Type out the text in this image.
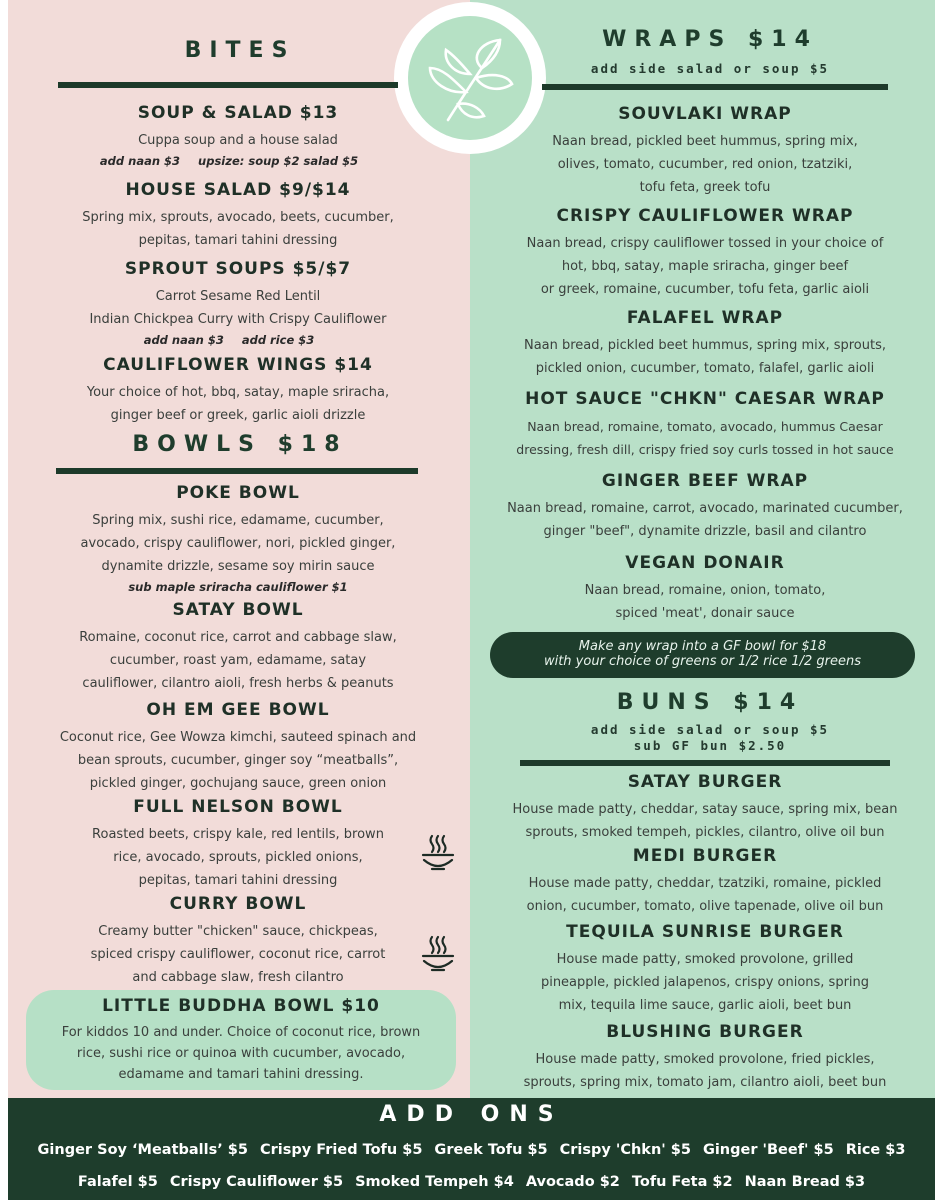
BITES
SOUP & SALAD $13

Cuppa soup and a house salad

add naan $3 upsize: soup $2 salad $5
HOUSE SALAD $9/$14

Spring mix, sprouts, avocado, beets, cucumber,
pepitas, tamari tahini dressing

SPROUT SOUPS $5/$7

Carrot Sesame Red Lentil
Indian Chickpea Curry with Crispy Cauliflower

add naan $3 add rice $3
CAULIFLOWER WINGS $14

Your choice of hot, bbq, satay, maple sriracha,
ginger beef or greek, garlic aioli drizzle

BOWLS $18
POKE BOWL

Spring mix, sushi rice, edamame, cucumber,
avocado, crispy cauliflower, nori, pickled ginger,
dynamite drizzle, sesame soy mirin sauce

sub maple sriracha cauliflower $1
SATAY BOWL

Romaine, coconut rice, carrot and cabbage slaw,
cucumber, roast yam, edamame, satay
cauliflower, cilantro aioli, fresh herbs & peanuts

OH EM GEE BOWL

Coconut rice, Gee Wowza kimchi, sauteed spinach and
bean sprouts, cucumber, ginger soy “meatballs”,
pickled ginger, gochujang sauce, green onion

FULL NELSON BOWL

Roasted beets, crispy kale, red lentils, brown
rice, avocado, sprouts, pickled onions,
pepitas, tamari tahini dressing

CURRY BOWL

Creamy butter "chicken" sauce, chickpeas,
spiced crispy cauliflower, coconut rice, carrot
and cabbage slaw, fresh cilantro

LITTLE BUDDHA BOWL $10

For kiddos 10 and under. Choice of coconut rice, brown
rice, sushi rice or quinoa with cucumber, avocado,
edamame and tamari tahini dressing.

WRAPS $14
add side salad or soup $5
SOUVLAKI WRAP

Naan bread, pickled beet hummus, spring mix,
olives, tomato, cucumber, red onion, tzatziki,
tofu feta, greek tofu

CRISPY CAULIFLOWER WRAP

Naan bread, crispy cauliflower tossed in your choice of
hot, bbq, satay, maple sriracha, ginger beef
or greek, romaine, cucumber, tofu feta, garlic aioli

FALAFEL WRAP

Naan bread, pickled beet hummus, spring mix, sprouts,
pickled onion, cucumber, tomato, falafel, garlic aioli

HOT SAUCE "CHKN" CAESAR WRAP

Naan bread, romaine, tomato, avocado, hummus Caesar
dressing, fresh dill, crispy fried soy curls tossed in hot sauce

GINGER BEEF WRAP

Naan bread, romaine, carrot, avocado, marinated cucumber,
ginger "beef", dynamite drizzle, basil and cilantro

VEGAN DONAIR

Naan bread, romaine, onion, tomato,
spiced 'meat', donair sauce

Make any wrap into a GF bowl for $18
with your choice of greens or 1/2 rice 1/2 greens
BUNS $14
add side salad or soup $5
sub GF bun $2.50
SATAY BURGER

House made patty, cheddar, satay sauce, spring mix, bean
sprouts, smoked tempeh, pickles, cilantro, olive oil bun

MEDI BURGER

House made patty, cheddar, tzatziki, romaine, pickled
onion, cucumber, tomato, olive tapenade, olive oil bun

TEQUILA SUNRISE BURGER

House made patty, smoked provolone, grilled
pineapple, pickled jalapenos, crispy onions, spring
mix, tequila lime sauce, garlic aioli, beet bun

BLUSHING BURGER

House made patty, smoked provolone, fried pickles,
sprouts, spring mix, tomato jam, cilantro aioli, beet bun

ADD ONS
Ginger Soy ‘Meatballs’ $5 Crispy Fried Tofu $5 Greek Tofu $5 Crispy 'Chkn' $5 Ginger 'Beef' $5 Rice $3
Falafel $5 Crispy Cauliflower $5 Smoked Tempeh $4 Avocado $2 Tofu Feta $2 Naan Bread $3
